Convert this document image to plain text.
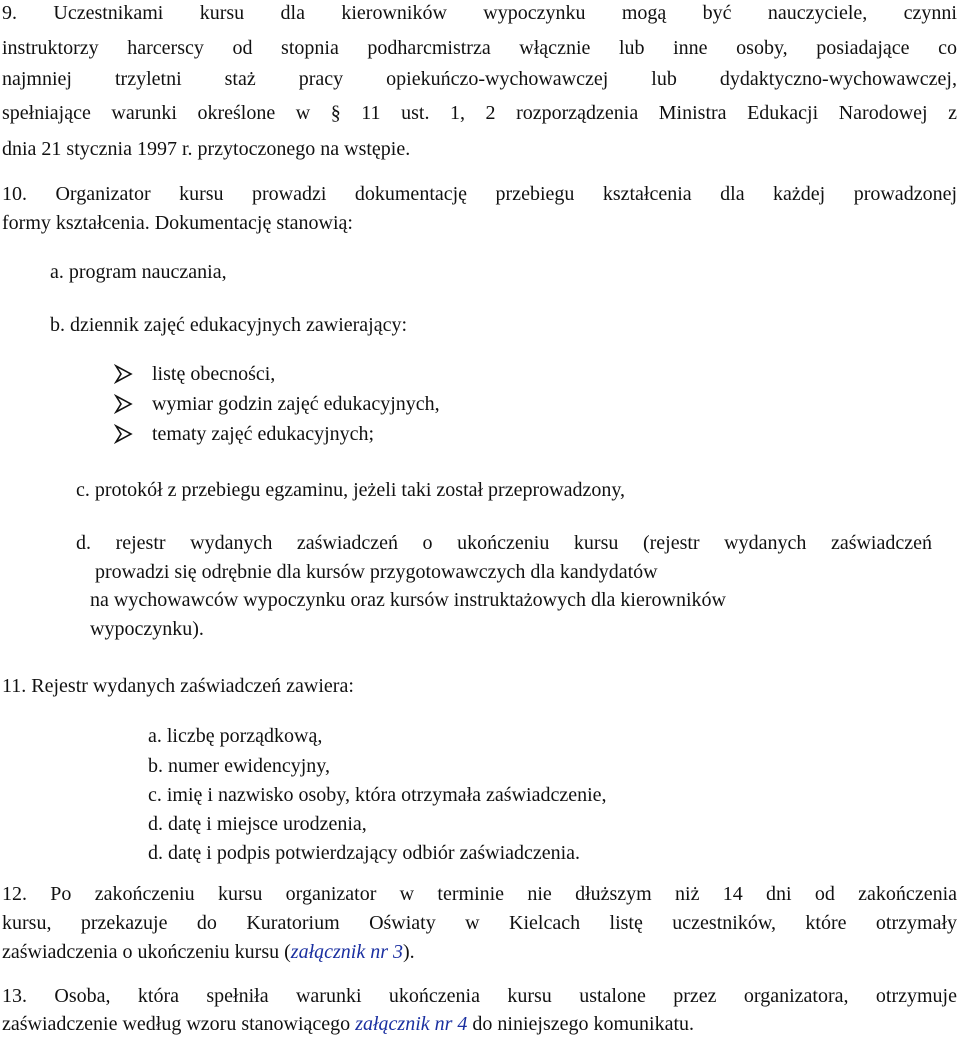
9. Uczestnikami kursu dla kierowników wypoczynku mogą być nauczyciele, czynni
instruktorzy harcerscy od stopnia podharcmistrza włącznie lub inne osoby, posiadające co
najmniej trzyletni staż pracy opiekuńczo-wychowawczej lub dydaktyczno-wychowawczej,
spełniające warunki określone w § 11 ust. 1, 2 rozporządzenia Ministra Edukacji Narodowej z
dnia 21 stycznia 1997 r. przytoczonego na wstępie.
10. Organizator kursu prowadzi dokumentację przebiegu kształcenia dla każdej prowadzonej
formy kształcenia. Dokumentację stanowią:
a. program nauczania,
b. dziennik zajęć edukacyjnych zawierający:
listę obecności,
wymiar godzin zajęć edukacyjnych,
tematy zajęć edukacyjnych;
c. protokół z przebiegu egzaminu, jeżeli taki został przeprowadzony,
d. rejestr wydanych zaświadczeń o ukończeniu kursu (rejestr wydanych zaświadczeń
prowadzi się odrębnie dla kursów przygotowawczych dla kandydatów
na wychowawców wypoczynku oraz kursów instruktażowych dla kierowników
wypoczynku).
11. Rejestr wydanych zaświadczeń zawiera:
a. liczbę porządkową,
b. numer ewidencyjny,
c. imię i nazwisko osoby, która otrzymała zaświadczenie,
d. datę i miejsce urodzenia,
d. datę i podpis potwierdzający odbiór zaświadczenia.
12. Po zakończeniu kursu organizator w terminie nie dłuższym niż 14 dni od zakończenia
kursu, przekazuje do Kuratorium Oświaty w Kielcach listę uczestników, które otrzymały
zaświadczenia o ukończeniu kursu (załącznik nr 3).
13. Osoba, która spełniła warunki ukończenia kursu ustalone przez organizatora, otrzymuje
zaświadczenie według wzoru stanowiącego załącznik nr 4 do niniejszego komunikatu.
